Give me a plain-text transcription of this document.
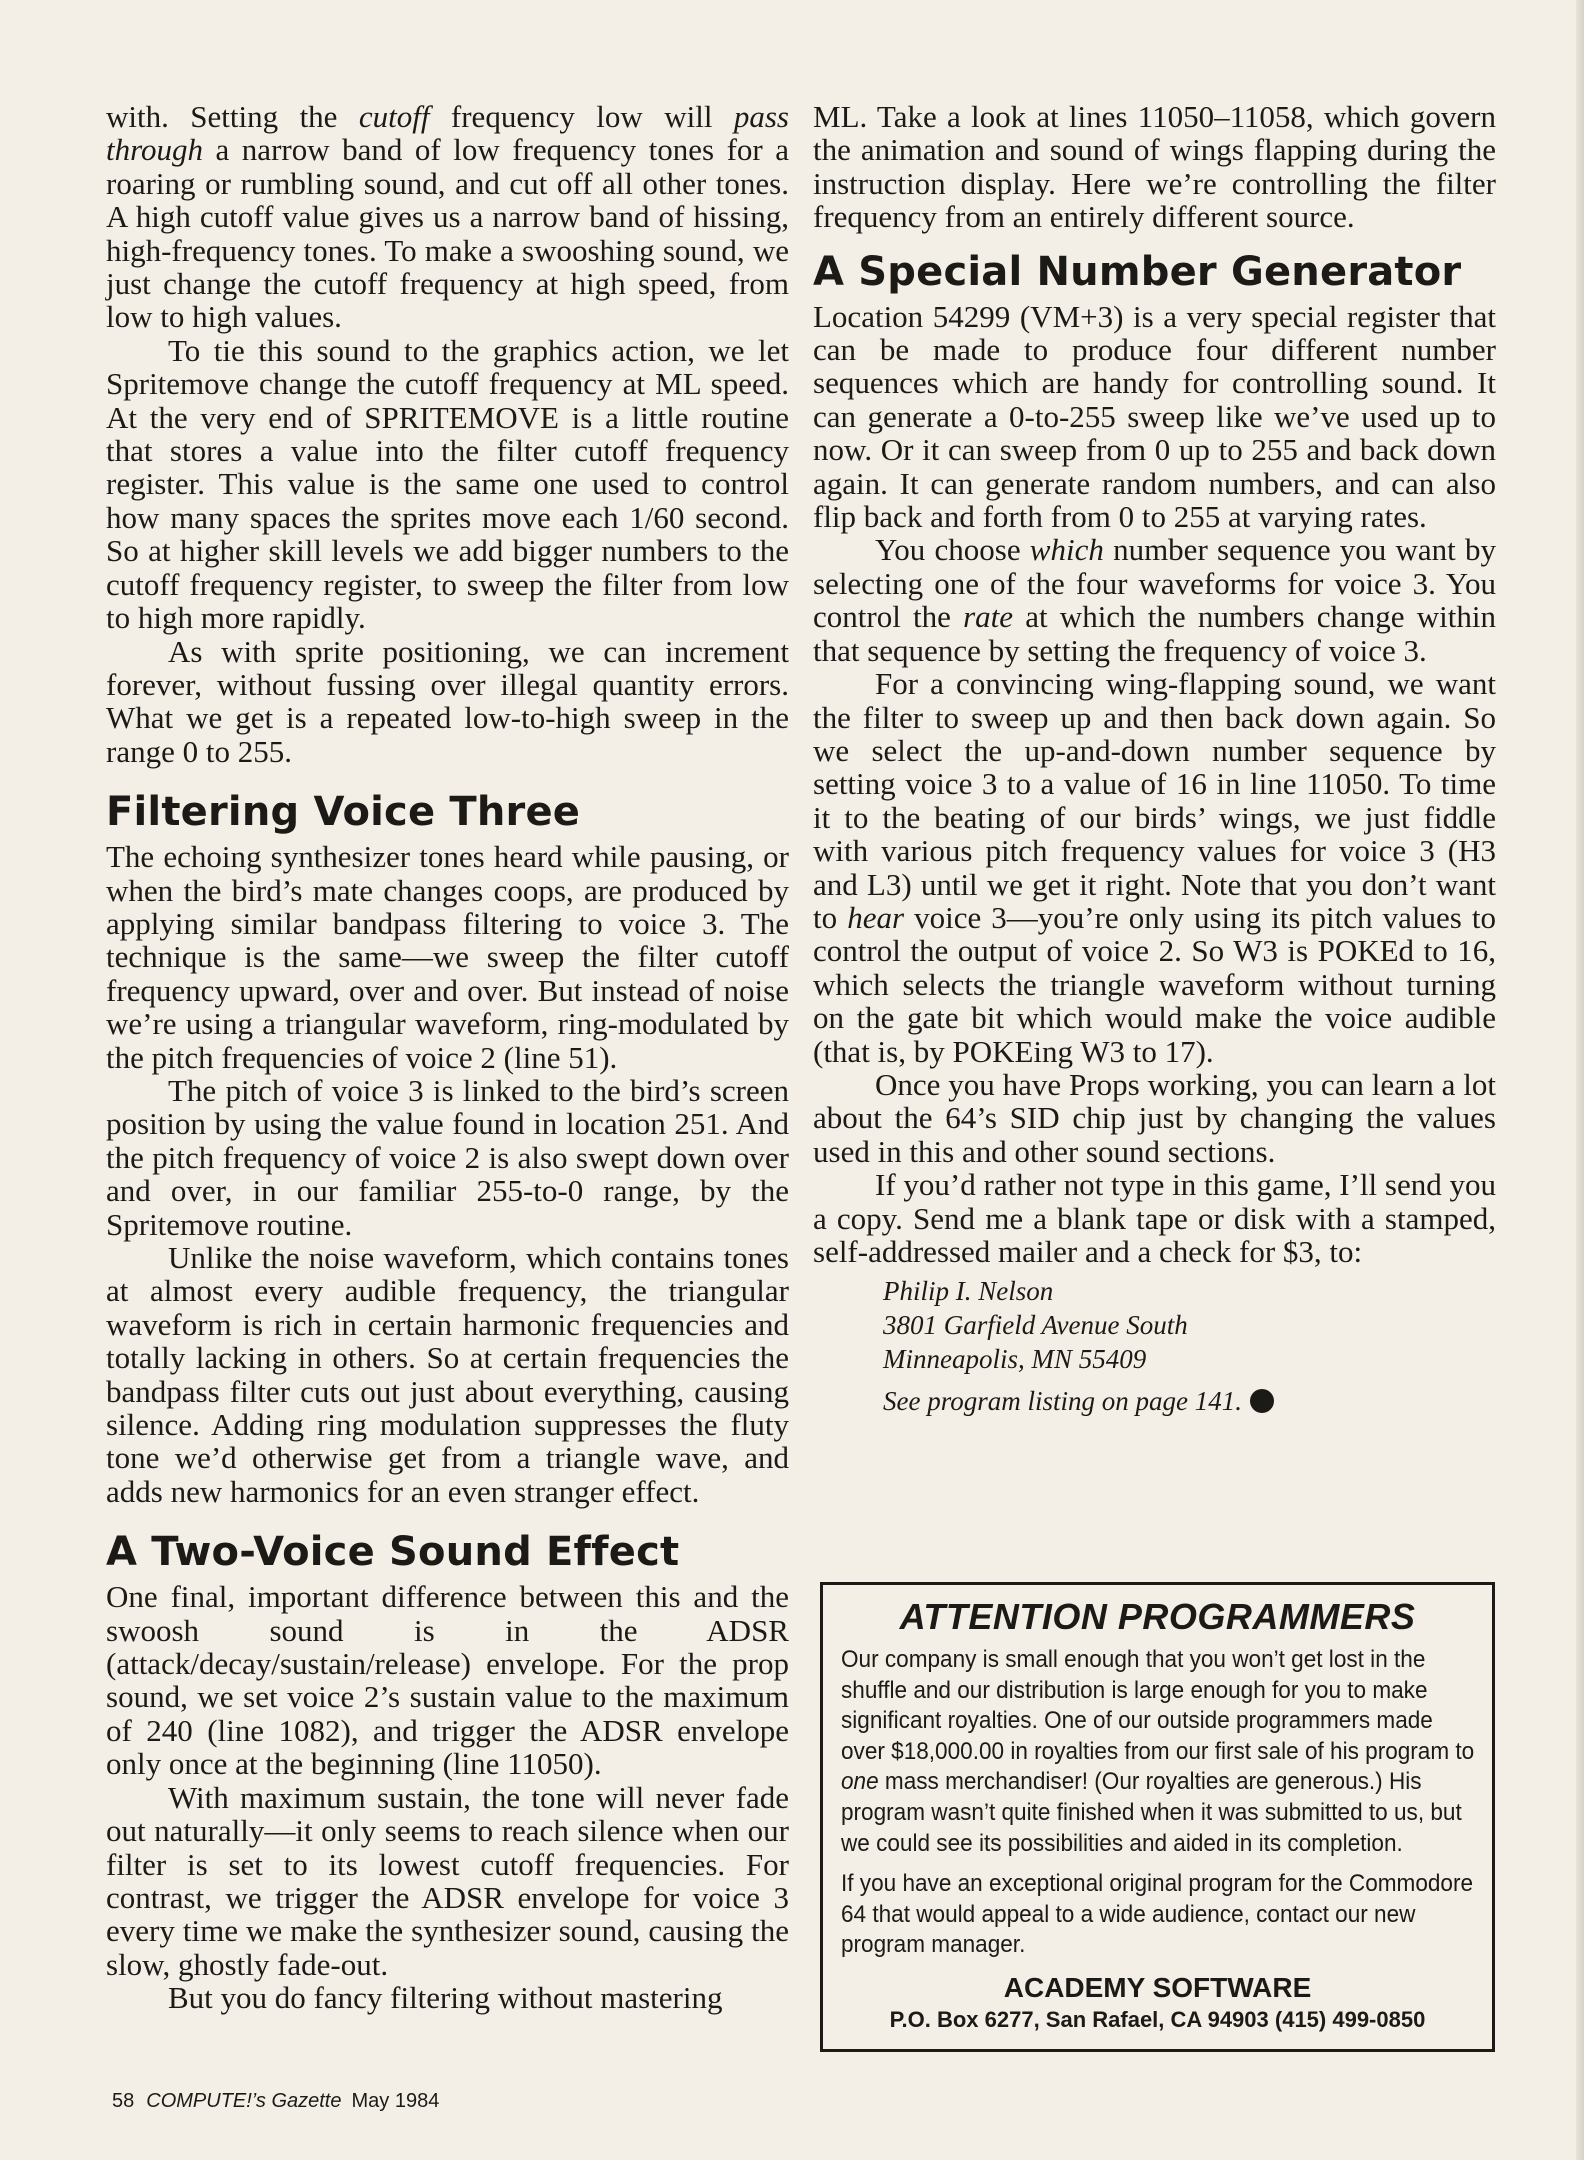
with. Setting the cutoff frequency low will pass through a narrow band of low frequency tones for a roaring or rumbling sound, and cut off all other tones. A high cutoff value gives us a narrow band of hissing, high-frequency tones. To make a swooshing sound, we just change the cutoff frequency at high speed, from low to high values.

To tie this sound to the graphics action, we let Spritemove change the cutoff frequency at ML speed. At the very end of SPRITEMOVE is a little routine that stores a value into the filter cutoff frequency register. This value is the same one used to control how many spaces the sprites move each 1/60 second. So at higher skill levels we add bigger numbers to the cutoff frequency register, to sweep the filter from low to high more rapidly.

As with sprite positioning, we can increment forever, without fussing over illegal quantity errors. What we get is a repeated low-to-high sweep in the range 0 to 255.

Filtering Voice Three

The echoing synthesizer tones heard while pausing, or when the bird’s mate changes coops, are produced by applying similar bandpass filtering to voice 3. The technique is the same—we sweep the filter cutoff frequency upward, over and over. But instead of noise we’re using a triangular waveform, ring-modulated by the pitch frequencies of voice 2 (line 51).

The pitch of voice 3 is linked to the bird’s screen position by using the value found in location 251. And the pitch frequency of voice 2 is also swept down over and over, in our familiar 255-to-0 range, by the Spritemove routine.

Unlike the noise waveform, which contains tones at almost every audible frequency, the triangular waveform is rich in certain harmonic frequencies and totally lacking in others. So at certain frequencies the bandpass filter cuts out just about everything, causing silence. Adding ring modulation suppresses the fluty tone we’d otherwise get from a triangle wave, and adds new harmonics for an even stranger effect.

A Two-Voice Sound Effect

One final, important difference between this and the swoosh sound is in the ADSR (attack/decay/sustain/release) envelope. For the prop sound, we set voice 2’s sustain value to the maximum of 240 (line 1082), and trigger the ADSR envelope only once at the beginning (line 11050).

With maximum sustain, the tone will never fade out naturally—it only seems to reach silence when our filter is set to its lowest cutoff frequencies. For contrast, we trigger the ADSR envelope for voice 3 every time we make the synthesizer sound, causing the slow, ghostly fade-out.

But you do fancy filtering without mastering

ML. Take a look at lines 11050–11058, which govern the animation and sound of wings flapping during the instruction display. Here we’re controlling the filter frequency from an entirely different source.

A Special Number Generator

Location 54299 (VM+3) is a very special register that can be made to produce four different number sequences which are handy for controlling sound. It can generate a 0-to-255 sweep like we’ve used up to now. Or it can sweep from 0 up to 255 and back down again. It can generate random numbers, and can also flip back and forth from 0 to 255 at varying rates.

You choose which number sequence you want by selecting one of the four waveforms for voice 3. You control the rate at which the numbers change within that sequence by setting the frequency of voice 3.

For a convincing wing-flapping sound, we want the filter to sweep up and then back down again. So we select the up-and-down number sequence by setting voice 3 to a value of 16 in line 11050. To time it to the beating of our birds’ wings, we just fiddle with various pitch frequency values for voice 3 (H3 and L3) until we get it right. Note that you don’t want to hear voice 3—you’re only using its pitch values to control the output of voice 2. So W3 is POKEd to 16, which selects the triangle waveform without turning on the gate bit which would make the voice audible (that is, by POKEing W3 to 17).

Once you have Props working, you can learn a lot about the 64’s SID chip just by changing the values used in this and other sound sections.

If you’d rather not type in this game, I’ll send you a copy. Send me a blank tape or disk with a stamped, self-addressed mailer and a check for $3, to:

Philip I. Nelson
3801 Garfield Avenue South
Minneapolis, MN 55409
See program listing on page 141.
ATTENTION PROGRAMMERS

Our company is small enough that you won’t get lost in the shuffle and our distribution is large enough for you to make significant royalties. One of our outside programmers made over $18,000.00 in royalties from our first sale of his program to one mass merchandiser! (Our royalties are generous.) His program wasn’t quite finished when it was submitted to us, but we could see its possibilities and aided in its completion.

If you have an exceptional original program for the Commodore 64 that would appeal to a wide audience, contact our new program manager.

ACADEMY SOFTWARE
P.O. Box 6277, San Rafael, CA 94903 (415) 499-0850
58 COMPUTE!’s Gazette May 1984
